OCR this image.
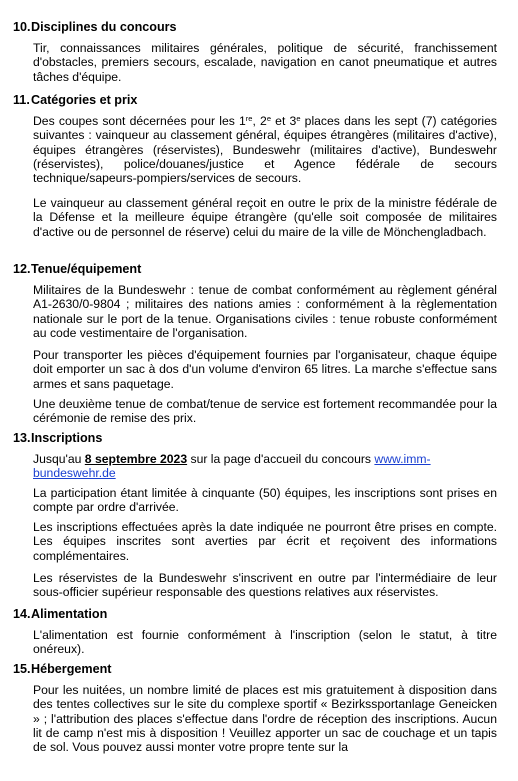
10.Disciplines du concours

Tir, connaissances militaires générales, politique de sécurité, franchissement d'obstacles, premiers secours, escalade, navigation en canot pneumatique et autres tâches d'équipe.

11.Catégories et prix

Des coupes sont décernées pour les 1re, 2e et 3e places dans les sept (7) catégories suivantes : vainqueur au classement général, équipes étrangères (militaires d'active), équipes étrangères (réservistes), Bundeswehr (militaires d'active), Bundeswehr (réservistes), police/douanes/justice et Agence fédérale de secours technique/sapeurs-pompiers/services de secours.

Le vainqueur au classement général reçoit en outre le prix de la ministre fédérale de la Défense et la meilleure équipe étrangère (qu'elle soit composée de militaires d'active ou de personnel de réserve) celui du maire de la ville de Mönchengladbach.

12.Tenue/équipement

Militaires de la Bundeswehr : tenue de combat conformément au règlement général A1-2630/0-9804 ; militaires des nations amies : conformément à la règlementation nationale sur le port de la tenue. Organisations civiles : tenue robuste conformément au code vestimentaire de l'organisation.

Pour transporter les pièces d'équipement fournies par l'organisateur, chaque équipe doit emporter un sac à dos d'un volume d'environ 65 litres. La marche s'effectue sans armes et sans paquetage.

Une deuxième tenue de combat/tenue de service est fortement recommandée pour la cérémonie de remise des prix.

13.Inscriptions

Jusqu'au 8 septembre 2023 sur la page d'accueil du concours www.imm-
bundeswehr.de

La participation étant limitée à cinquante (50) équipes, les inscriptions sont prises en compte par ordre d'arrivée.

Les inscriptions effectuées après la date indiquée ne pourront être prises en compte. Les équipes inscrites sont averties par écrit et reçoivent des informations complémentaires.

Les réservistes de la Bundeswehr s'inscrivent en outre par l'intermédiaire de leur sous-officier supérieur responsable des questions relatives aux réservistes.

14.Alimentation

L'alimentation est fournie conformément à l'inscription (selon le statut, à titre onéreux).

15.Hébergement

Pour les nuitées, un nombre limité de places est mis gratuitement à disposition dans des tentes collectives sur le site du complexe sportif « Bezirkssportanlage Geneicken » ; l'attribution des places s'effectue dans l'ordre de réception des inscriptions. Aucun lit de camp n'est mis à disposition ! Veuillez apporter un sac de couchage et un tapis de sol. Vous pouvez aussi monter votre propre tente sur la
